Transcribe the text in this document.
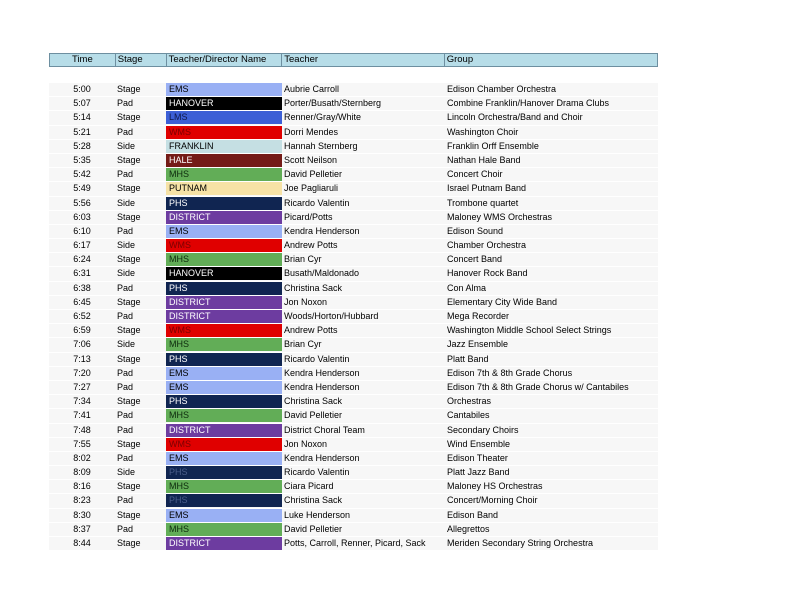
Time	Stage	Teacher/Director Name	Teacher	Group
5:00	Stage	EMS	Aubrie Carroll	Edison Chamber Orchestra
5:07	Pad	HANOVER	Porter/Busath/Sternberg	Combine Franklin/Hanover Drama Clubs
5:14	Stage	LMS	Renner/Gray/White	Lincoln Orchestra/Band and Choir
5:21	Pad	WMS	Dorri Mendes	Washington Choir
5:28	Side	FRANKLIN	Hannah Sternberg	Franklin Orff Ensemble
5:35	Stage	HALE	Scott Neilson	Nathan Hale Band
5:42	Pad	MHS	David Pelletier	Concert Choir
5:49	Stage	PUTNAM	Joe Pagliaruli	Israel Putnam Band
5:56	Side	PHS	Ricardo Valentin	Trombone quartet
6:03	Stage	DISTRICT	Picard/Potts	Maloney WMS Orchestras
6:10	Pad	EMS	Kendra Henderson	Edison Sound
6:17	Side	WMS	Andrew Potts	Chamber Orchestra
6:24	Stage	MHS	Brian Cyr	Concert Band
6:31	Side	HANOVER	Busath/Maldonado	Hanover Rock Band
6:38	Pad	PHS	Christina Sack	Con Alma
6:45	Stage	DISTRICT	Jon Noxon	Elementary City Wide Band
6:52	Pad	DISTRICT	Woods/Horton/Hubbard	Mega Recorder
6:59	Stage	WMS	Andrew Potts	Washington Middle School Select Strings
7:06	Side	MHS	Brian Cyr	Jazz Ensemble
7:13	Stage	PHS	Ricardo Valentin	Platt Band
7:20	Pad	EMS	Kendra Henderson	Edison 7th & 8th Grade Chorus
7:27	Pad	EMS	Kendra Henderson	Edison 7th & 8th Grade Chorus w/ Cantabiles
7:34	Stage	PHS	Christina Sack	Orchestras
7:41	Pad	MHS	David Pelletier	Cantabiles
7:48	Pad	DISTRICT	District Choral Team	Secondary Choirs
7:55	Stage	WMS	Jon Noxon	Wind Ensemble
8:02	Pad	EMS	Kendra Henderson	Edison Theater
8:09	Side	PHS	Ricardo Valentin	Platt Jazz Band
8:16	Stage	MHS	Ciara Picard	Maloney HS Orchestras
8:23	Pad	PHS	Christina Sack	Concert/Morning Choir
8:30	Stage	EMS	Luke Henderson	Edison Band
8:37	Pad	MHS	David Pelletier	Allegrettos
8:44	Stage	DISTRICT	Potts, Carroll, Renner, Picard, Sack	Meriden Secondary String Orchestra
